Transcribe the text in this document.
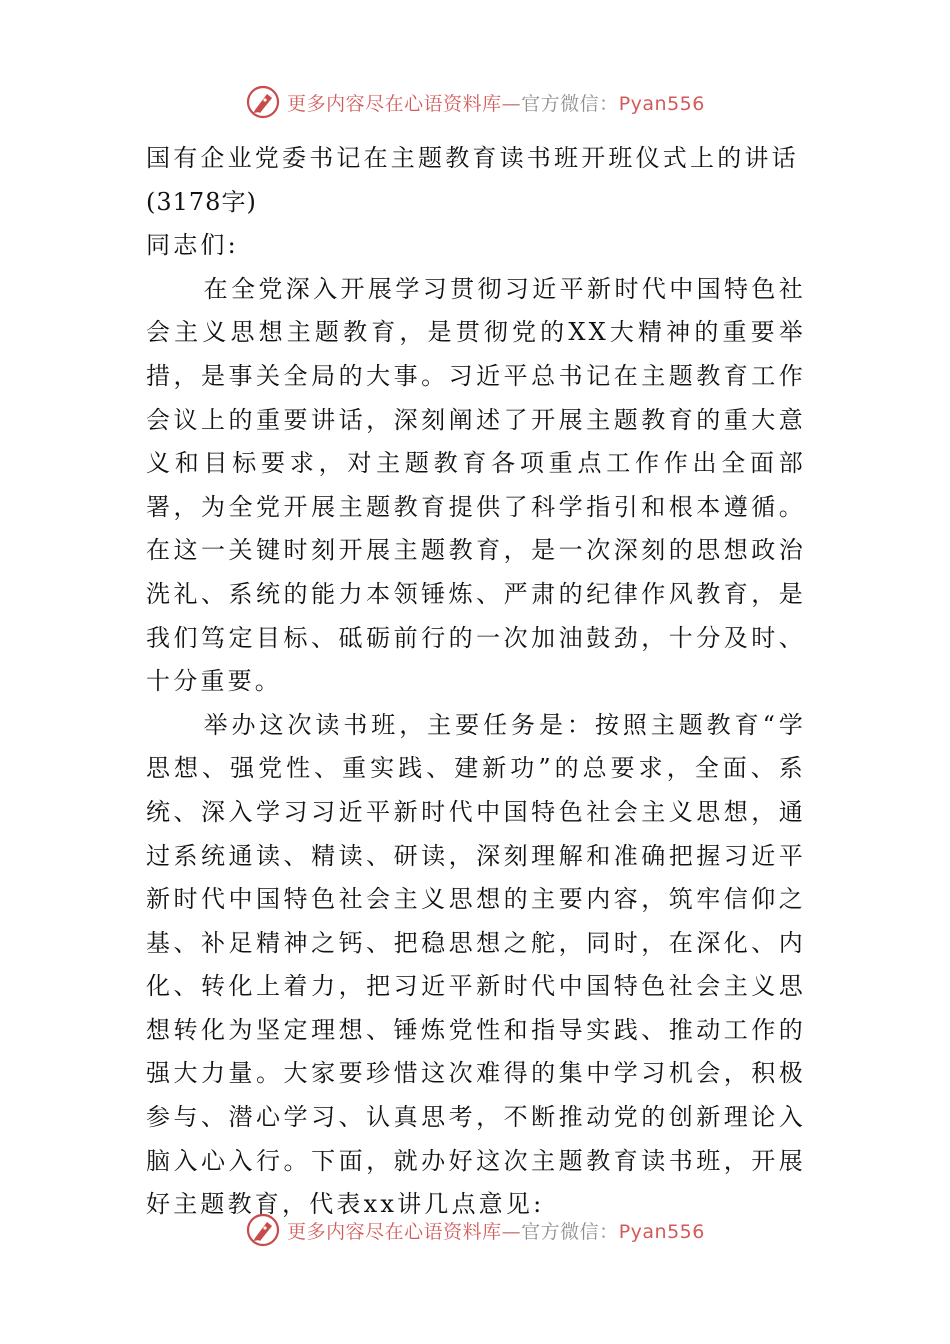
更多内容尽在心语资料库—官方微信：Pyan556

国有企业党委书记在主题教育读书班开班仪式上的讲话

(3178字)

同志们:

在全党深入开展学习贯彻习近平新时代中国特色社会主义思想主题教育，是贯彻党的XX大精神的重要举措，是事关全局的大事。习近平总书记在主题教育工作会议上的重要讲话，深刻阐述了开展主题教育的重大意义和目标要求，对主题教育各项重点工作作出全面部署，为全党开展主题教育提供了科学指引和根本遵循。在这一关键时刻开展主题教育，是一次深刻的思想政治洗礼、系统的能力本领锤炼、严肃的纪律作风教育，是我们笃定目标、砥砺前行的一次加油鼓劲，十分及时、十分重要。

举办这次读书班，主要任务是：按照主题教育“学思想、强党性、重实践、建新功”的总要求，全面、系统、深入学习习近平新时代中国特色社会主义思想，通过系统通读、精读、研读，深刻理解和准确把握习近平新时代中国特色社会主义思想的主要内容，筑牢信仰之基、补足精神之钙、把稳思想之舵，同时，在深化、内化、转化上着力，把习近平新时代中国特色社会主义思想转化为坚定理想、锤炼党性和指导实践、推动工作的强大力量。大家要珍惜这次难得的集中学习机会，积极参与、潜心学习、认真思考，不断推动党的创新理论入脑入心入行。下面，就办好这次主题教育读书班，开展好主题教育，代表xx讲几点意见:

更多内容尽在心语资料库—官方微信：Pyan556
